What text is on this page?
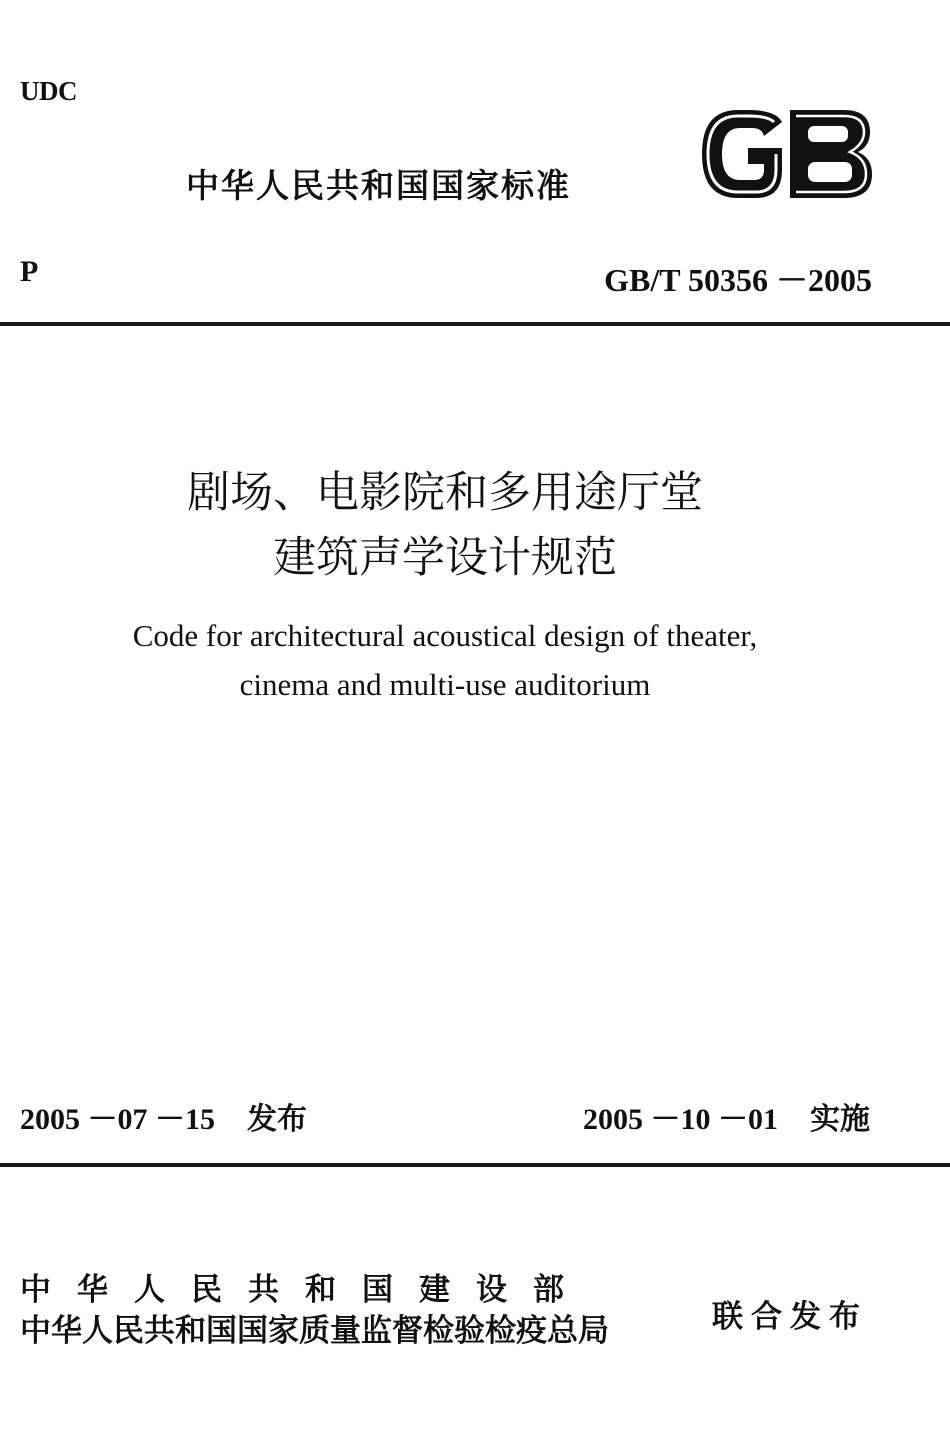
UDC
中华人民共和国国家标准
P	GB/T 50356 －2005
剧场、电影院和多用途厅堂
建筑声学设计规范
Code for architectural acoustical design of theater,
cinema and multi-use auditorium
2005 －07 －15 发布	2005 －10 －01 实施
中华人民共和国建设部
中华人民共和国国家质量监督检验检疫总局	联合发布
